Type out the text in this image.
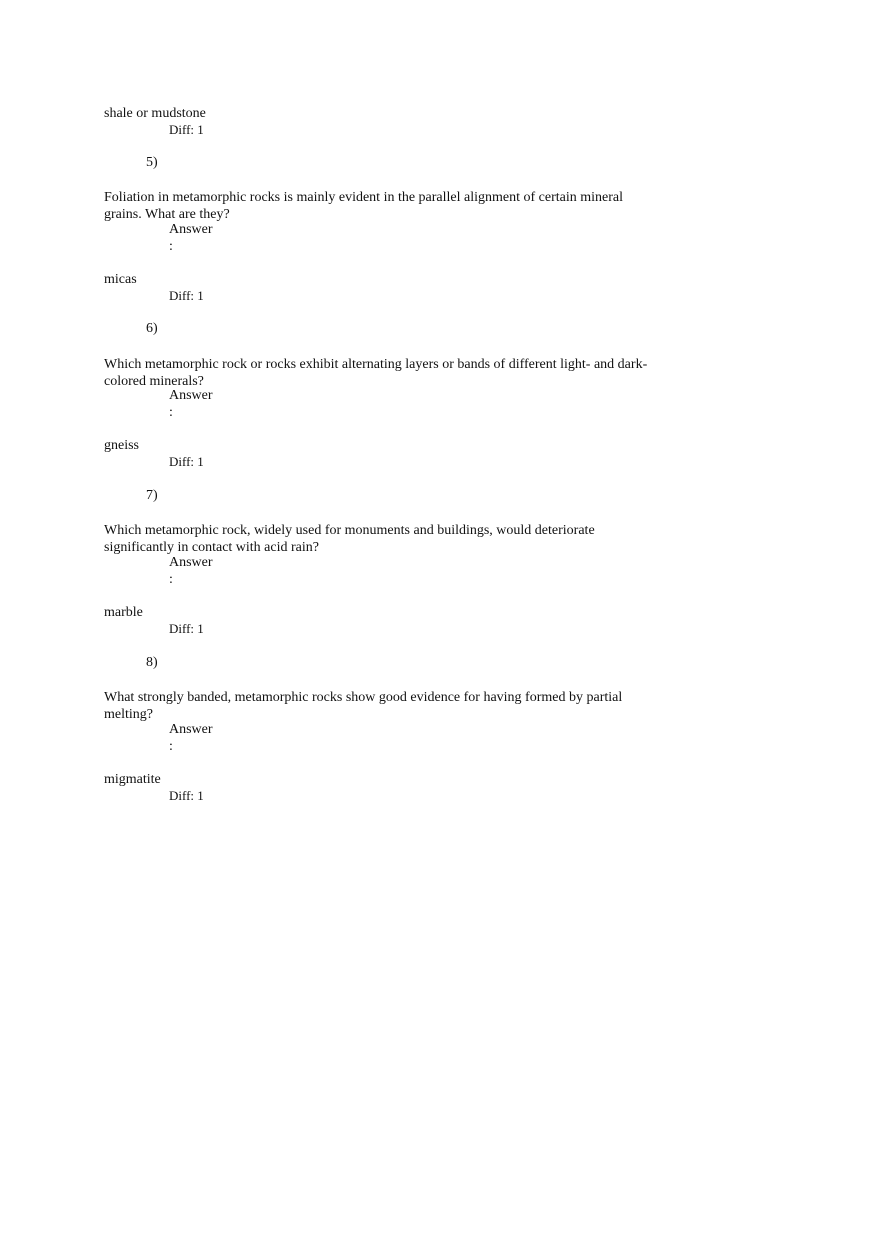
shale or mudstone
Diff: 1
5)
Foliation in metamorphic rocks is mainly evident in the parallel alignment of certain mineral grains. What are they?
Answer
:
micas
Diff: 1
6)
Which metamorphic rock or rocks exhibit alternating layers or bands of different light- and dark-colored minerals?
Answer
:
gneiss
Diff: 1
7)
Which metamorphic rock, widely used for monuments and buildings, would deteriorate significantly in contact with acid rain?
Answer
:
marble
Diff: 1
8)
What strongly banded, metamorphic rocks show good evidence for having formed by partial melting?
Answer
:
migmatite
Diff: 1
